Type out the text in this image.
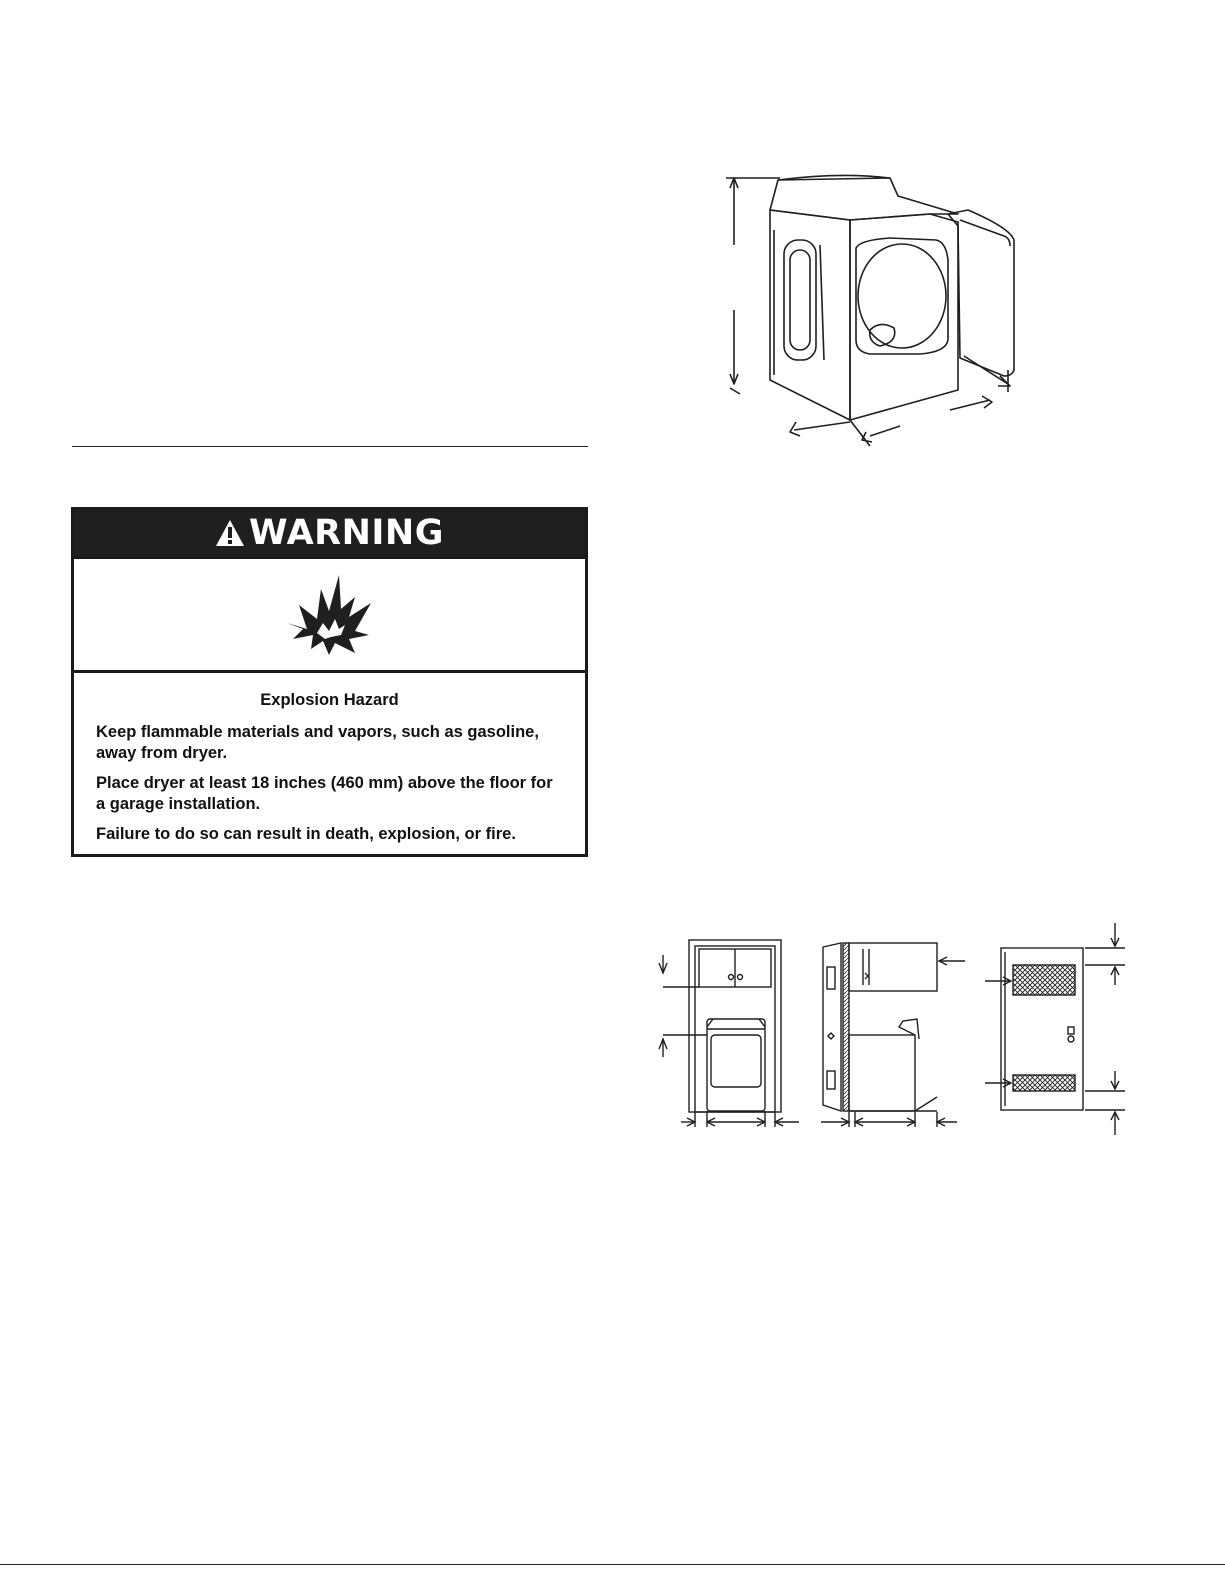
WARNING

Explosion Hazard

Keep flammable materials and vapors, such as gasoline, away from dryer.

Place dryer at least 18 inches (460 mm) above the floor for a garage installation.

Failure to do so can result in death, explosion, or fire.
